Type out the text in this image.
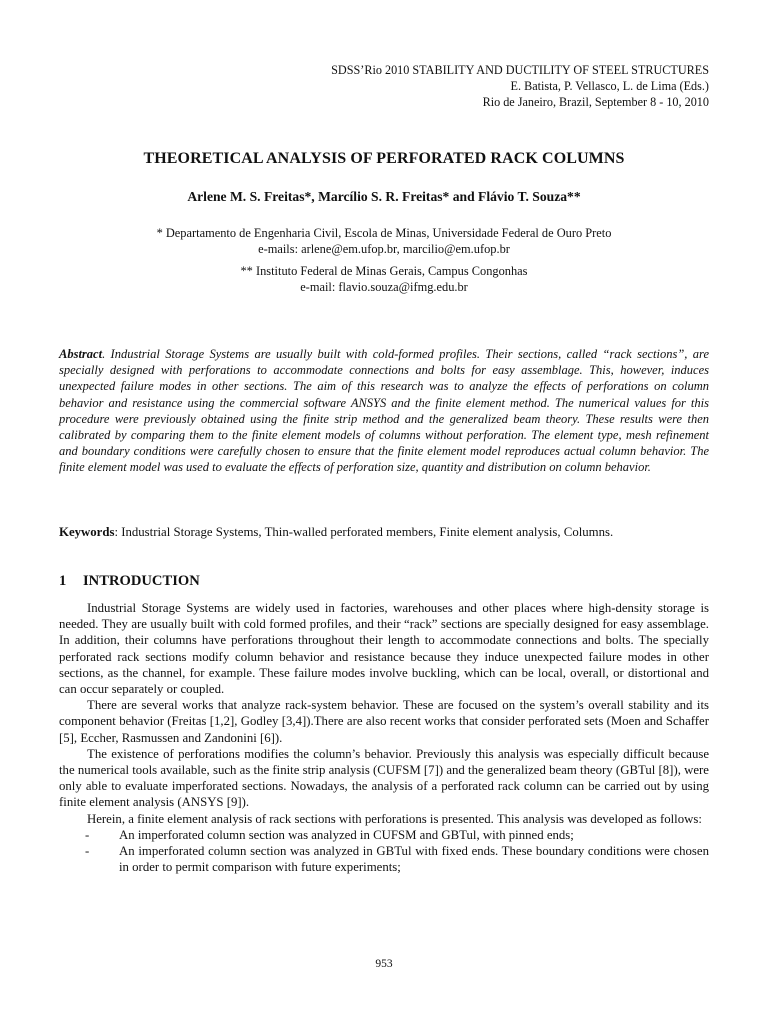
SDSS’Rio 2010 STABILITY AND DUCTILITY OF STEEL STRUCTURES
E. Batista, P. Vellasco, L. de Lima (Eds.)
Rio de Janeiro, Brazil, September 8 - 10, 2010
THEORETICAL ANALYSIS OF PERFORATED RACK COLUMNS
Arlene M. S. Freitas*, Marcílio S. R. Freitas* and Flávio T. Souza**
* Departamento de Engenharia Civil, Escola de Minas, Universidade Federal de Ouro Preto
e-mails: arlene@em.ufop.br, marcilio@em.ufop.br
** Instituto Federal de Minas Gerais, Campus Congonhas
e-mail: flavio.souza@ifmg.edu.br
Abstract. Industrial Storage Systems are usually built with cold-formed profiles. Their sections, called “rack sections”, are specially designed with perforations to accommodate connections and bolts for easy assemblage. This, however, induces unexpected failure modes in other sections. The aim of this research was to analyze the effects of perforations on column behavior and resistance using the commercial software ANSYS and the finite element method. The numerical values for this procedure were previously obtained using the finite strip method and the generalized beam theory. These results were then calibrated by comparing them to the finite element models of columns without perforation. The element type, mesh refinement and boundary conditions were carefully chosen to ensure that the finite element model reproduces actual column behavior. The finite element model was used to evaluate the effects of perforation size, quantity and distribution on column behavior.
Keywords: Industrial Storage Systems, Thin-walled perforated members, Finite element analysis, Columns.
1 INTRODUCTION

Industrial Storage Systems are widely used in factories, warehouses and other places where high-density storage is needed. They are usually built with cold formed profiles, and their “rack” sections are specially designed for easy assemblage. In addition, their columns have perforations throughout their length to accommodate connections and bolts. The specially perforated rack sections modify column behavior and resistance because they induce unexpected failure modes in other sections, as the channel, for example. These failure modes involve buckling, which can be local, overall, or distortional and can occur separately or coupled.

There are several works that analyze rack-system behavior. These are focused on the system’s overall stability and its component behavior (Freitas [1,2], Godley [3,4]).There are also recent works that consider perforated sets (Moen and Schaffer [5], Eccher, Rasmussen and Zandonini [6]).

The existence of perforations modifies the column’s behavior. Previously this analysis was especially difficult because the numerical tools available, such as the finite strip analysis (CUFSM [7]) and the generalized beam theory (GBTul [8]), were only able to evaluate imperforated sections. Nowadays, the analysis of a perforated rack column can be carried out by using finite element analysis (ANSYS [9]).

Herein, a finite element analysis of rack sections with perforations is presented. This analysis was developed as follows:

- An imperforated column section was analyzed in CUFSM and GBTul, with pinned ends;
- An imperforated column section was analyzed in GBTul with fixed ends. These boundary conditions were chosen in order to permit comparison with future experiments;
953
